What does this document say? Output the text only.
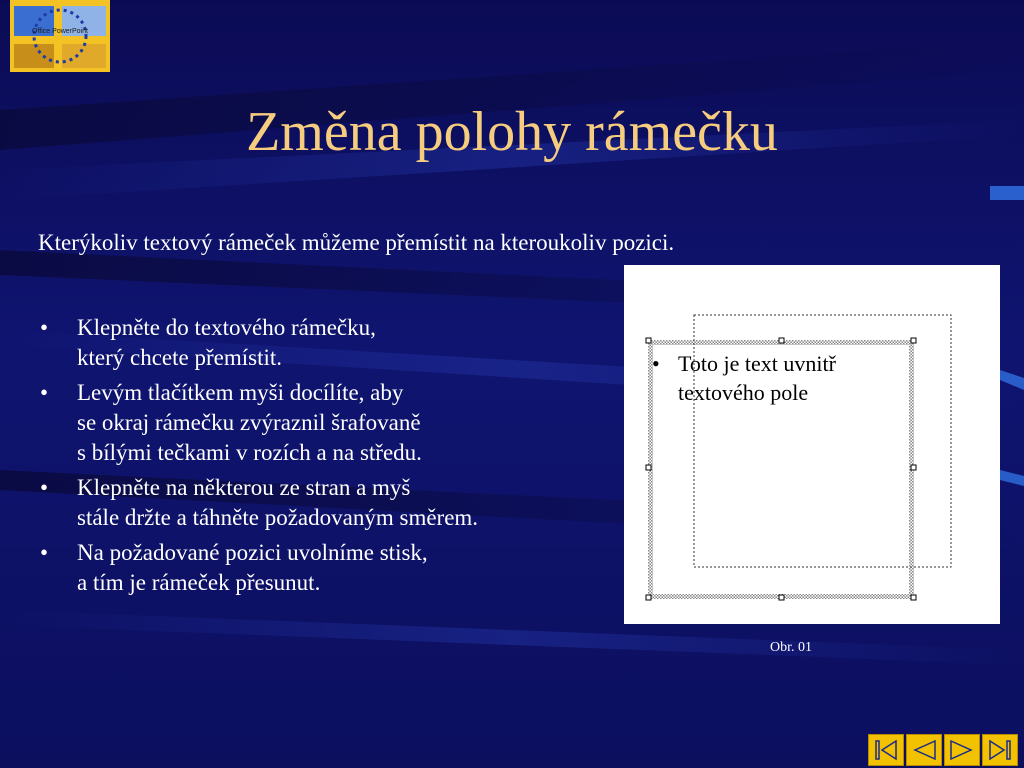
Office PowerPoint
Změna polohy rámečku

Kterýkoliv textový rámeček můžeme přemístit na kteroukoliv pozici.

• Klepněte do textového rámečku,
který chcete přemístit.
• Levým tlačítkem myši docílíte, aby
se okraj rámečku zvýraznil šrafovaně
s bílými tečkami v rozích a na středu.
• Klepněte na některou ze stran a myš
stále držte a táhněte požadovaným směrem.
• Na požadované pozici uvolníme stisk,
a tím je rámeček přesunut.
• Toto je text uvnitř
textového pole
Obr. 01
